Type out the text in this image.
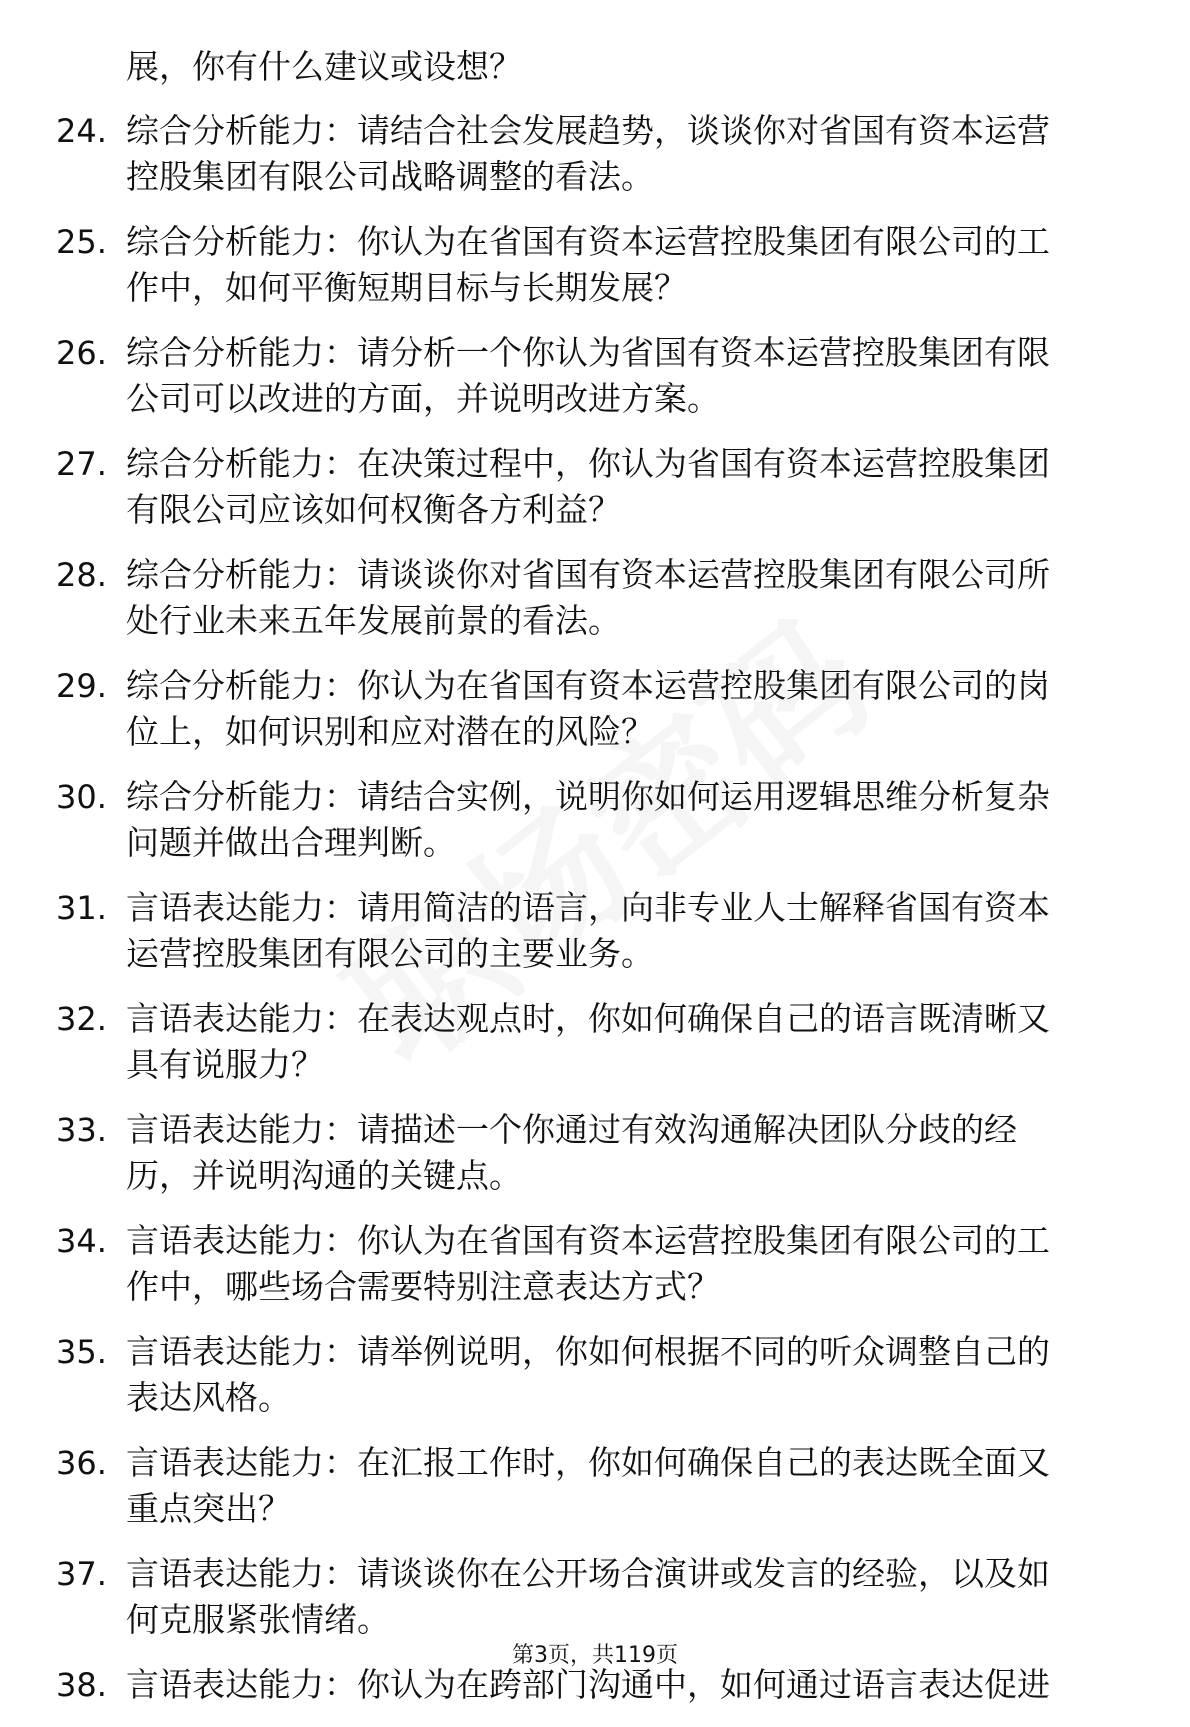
展，你有什么建议或设想？
24. 综合分析能力：请结合社会发展趋势，谈谈你对省国有资本运营
控股集团有限公司战略调整的看法。
25. 综合分析能力：你认为在省国有资本运营控股集团有限公司的工
作中，如何平衡短期目标与长期发展？
26. 综合分析能力：请分析一个你认为省国有资本运营控股集团有限
公司可以改进的方面，并说明改进方案。
27. 综合分析能力：在决策过程中，你认为省国有资本运营控股集团
有限公司应该如何权衡各方利益？
28. 综合分析能力：请谈谈你对省国有资本运营控股集团有限公司所
处行业未来五年发展前景的看法。
29. 综合分析能力：你认为在省国有资本运营控股集团有限公司的岗
位上，如何识别和应对潜在的风险？
30. 综合分析能力：请结合实例，说明你如何运用逻辑思维分析复杂
问题并做出合理判断。
31. 言语表达能力：请用简洁的语言，向非专业人士解释省国有资本
运营控股集团有限公司的主要业务。
32. 言语表达能力：在表达观点时，你如何确保自己的语言既清晰又
具有说服力？
33. 言语表达能力：请描述一个你通过有效沟通解决团队分歧的经
历，并说明沟通的关键点。
34. 言语表达能力：你认为在省国有资本运营控股集团有限公司的工
作中，哪些场合需要特别注意表达方式？
35. 言语表达能力：请举例说明，你如何根据不同的听众调整自己的
表达风格。
36. 言语表达能力：在汇报工作时，你如何确保自己的表达既全面又
重点突出？
37. 言语表达能力：请谈谈你在公开场合演讲或发言的经验，以及如
何克服紧张情绪。
38. 言语表达能力：你认为在跨部门沟通中，如何通过语言表达促进
第3页，共119页
